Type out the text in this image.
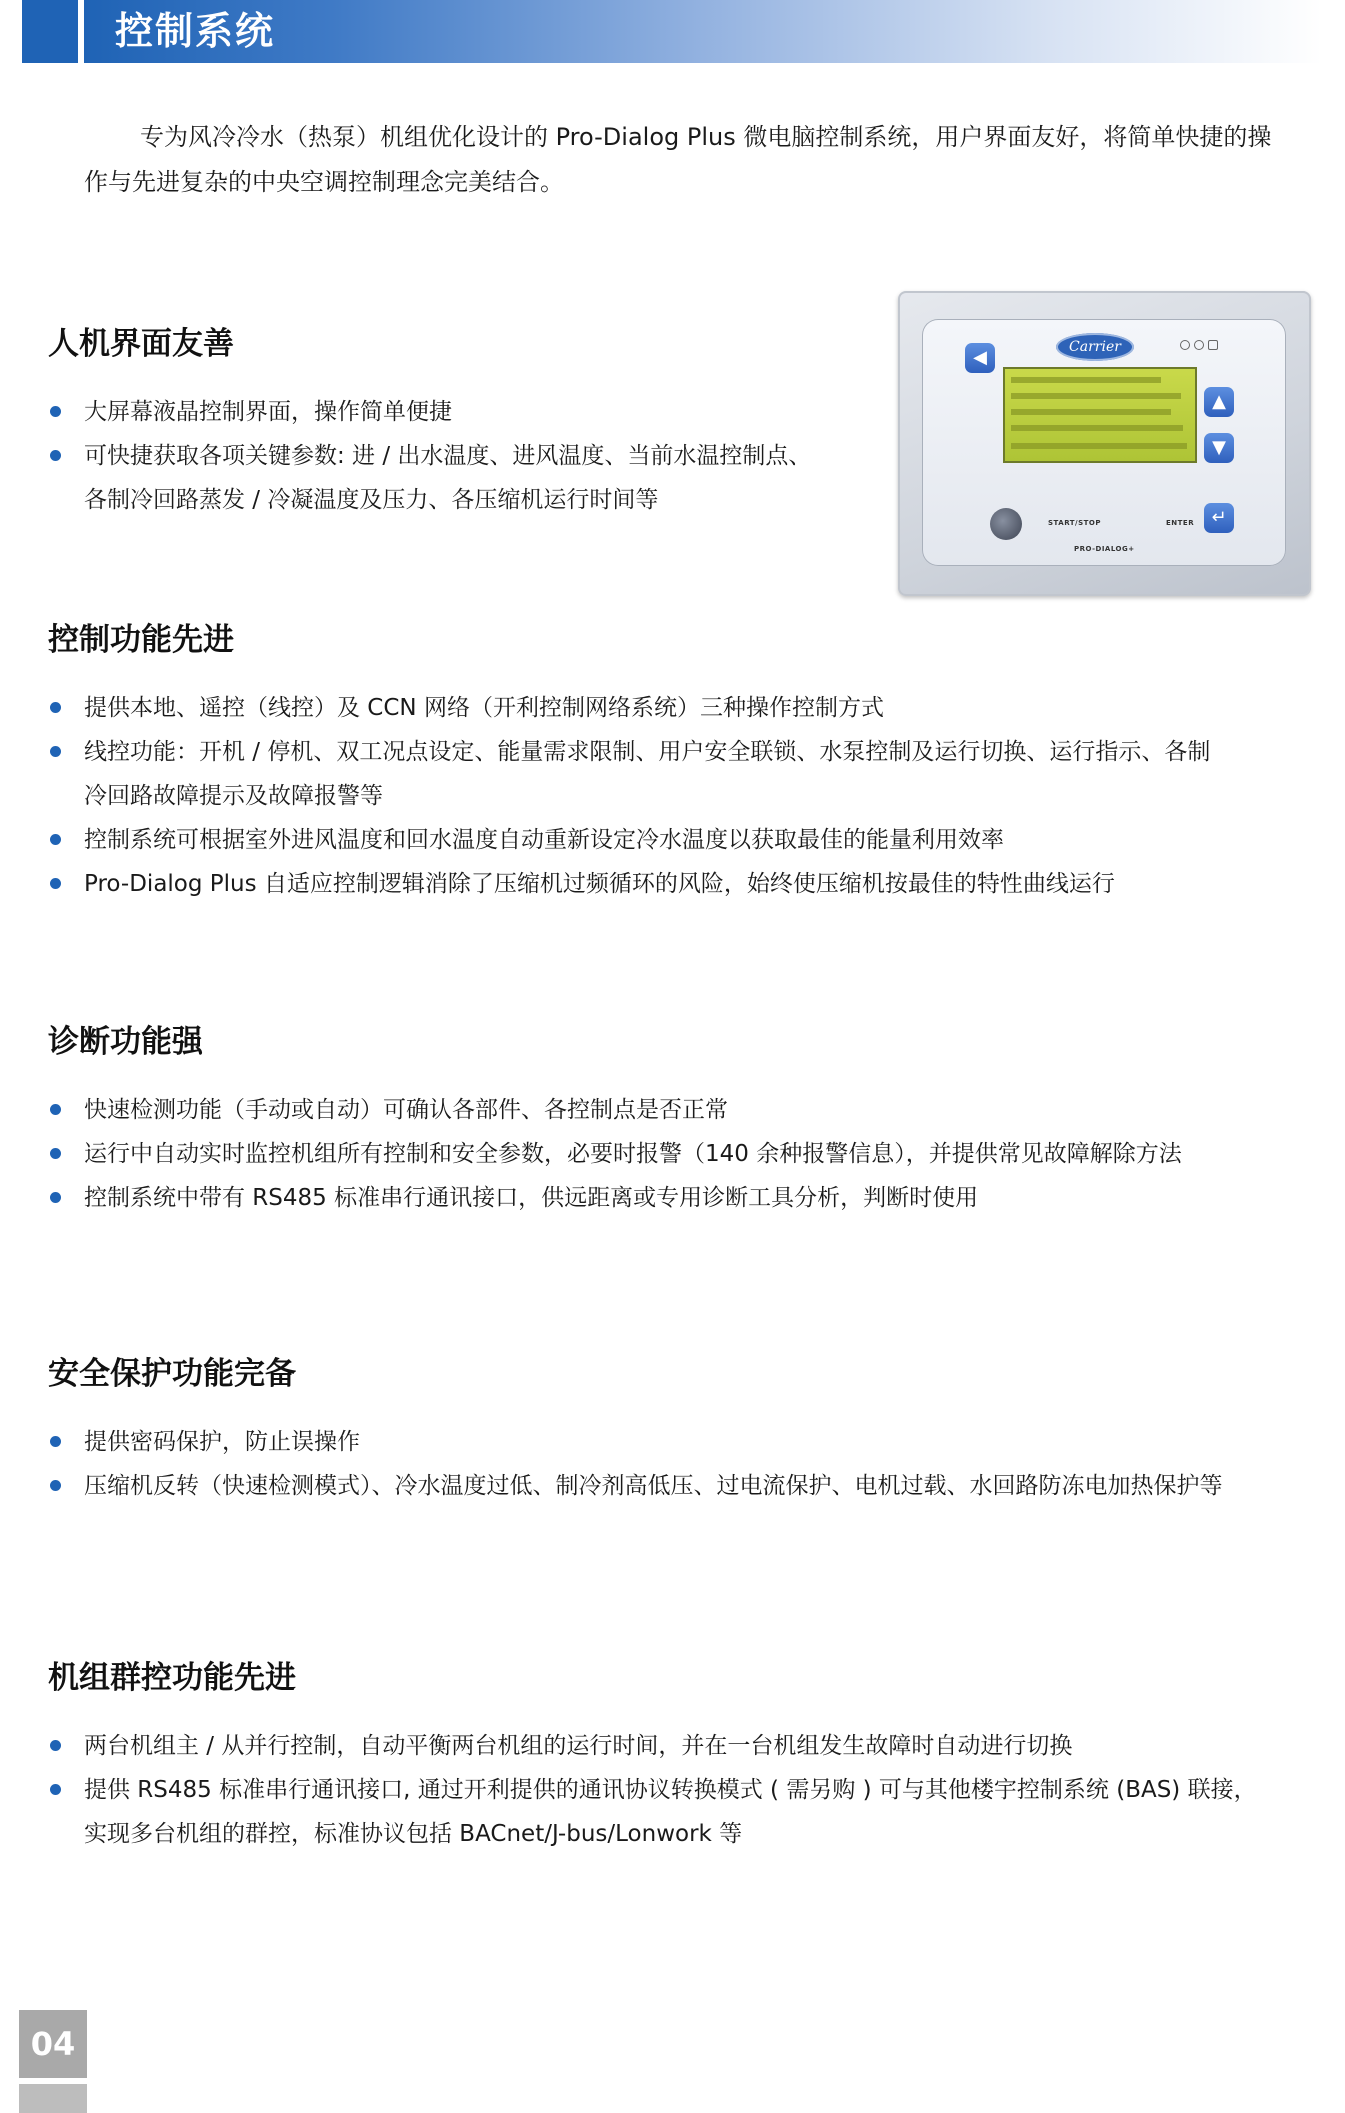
控制系统

专为风冷冷水（热泵）机组优化设计的 Pro-Dialog Plus 微电脑控制系统，用户界面友好，将简单快捷的操

作与先进复杂的中央空调控制理念完美结合。

人机界面友善
大屏幕液晶控制界面，操作简单便捷
可快捷获取各项关键参数: 进 / 出水温度、进风温度、当前水温控制点、
各制冷回路蒸发 / 冷凝温度及压力、各压缩机运行时间等
Carrier
◀
▲
▼
↵
START/STOP	ENTER
PRO-DIALOG+
控制功能先进
提供本地、遥控（线控）及 CCN 网络（开利控制网络系统）三种操作控制方式
线控功能：开机 / 停机、双工况点设定、能量需求限制、用户安全联锁、水泵控制及运行切换、运行指示、各制
冷回路故障提示及故障报警等
控制系统可根据室外进风温度和回水温度自动重新设定冷水温度以获取最佳的能量利用效率
Pro-Dialog Plus 自适应控制逻辑消除了压缩机过频循环的风险，始终使压缩机按最佳的特性曲线运行
诊断功能强
快速检测功能（手动或自动）可确认各部件、各控制点是否正常
运行中自动实时监控机组所有控制和安全参数，必要时报警（140 余种报警信息），并提供常见故障解除方法
控制系统中带有 RS485 标准串行通讯接口，供远距离或专用诊断工具分析，判断时使用
安全保护功能完备
提供密码保护，防止误操作
压缩机反转（快速检测模式）、冷水温度过低、制冷剂高低压、过电流保护、电机过载、水回路防冻电加热保护等
机组群控功能先进
两台机组主 / 从并行控制，自动平衡两台机组的运行时间，并在一台机组发生故障时自动进行切换
提供 RS485 标准串行通讯接口, 通过开利提供的通讯协议转换模式 ( 需另购 ) 可与其他楼宇控制系统 (BAS) 联接，
实现多台机组的群控，标准协议包括 BACnet/J-bus/Lonwork 等
04
